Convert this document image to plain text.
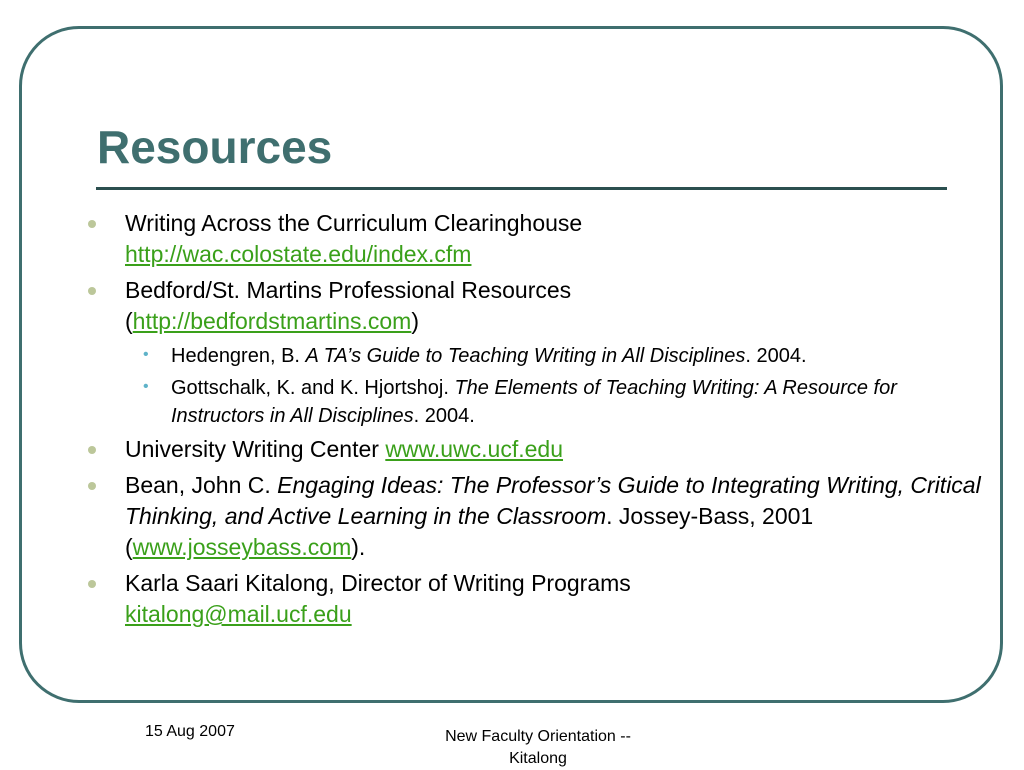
Resources
Writing Across the Curriculum Clearinghouse
http://wac.colostate.edu/index.cfm
Bedford/St. Martins Professional Resources
(http://bedfordstmartins.com)
• Hedengren, B. A TA’s Guide to Teaching Writing in All Disciplines. 2004.
• Gottschalk, K. and K. Hjortshoj. The Elements of Teaching Writing: A Resource for Instructors in All Disciplines. 2004.
University Writing Center www.uwc.ucf.edu
Bean, John C. Engaging Ideas: The Professor’s Guide to Integrating Writing, Critical Thinking, and Active Learning in the Classroom. Jossey-Bass, 2001 (www.josseybass.com).
Karla Saari Kitalong, Director of Writing Programs
kitalong@mail.ucf.edu
15 Aug 2007	New Faculty Orientation -- Kitalong
